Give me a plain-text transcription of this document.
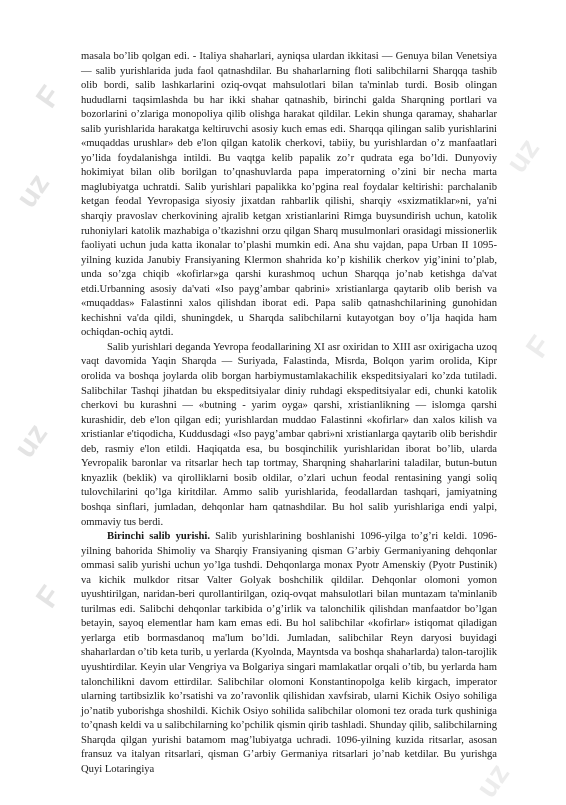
uz
F
uz
F
uz
F
uz

masala bo’lib qolgan edi. - Italiya shaharlari, ayniqsa ulardan ikkitasi — Genuya bilan Venetsiya — salib yurishlarida juda faol qatnashdilar. Bu shaharlarning floti salibchilarni Sharqqa tashib olib bordi, salib lashkarlarini oziq-ovqat mahsulotlari bilan ta'minlab turdi. Bosib olingan hududlarni taqsimlashda bu har ikki shahar qatnashib, birinchi galda Sharqning portlari va bozorlarini o’zlariga monopoliya qilib olishga harakat qildilar. Lekin shunga qaramay, shaharlar salib yurishlarida harakatga keltiruvchi asosiy kuch emas edi. Sharqqa qilingan salib yurishlarini «muqaddas urushlar» deb e'lon qilgan katolik cherkovi, tabiiy, bu yurishlardan o’z manfaatlari yo’lida foydalanishga intildi. Bu vaqtga kelib papalik zo’r qudratа ega bo’ldi. Dunyoviy hokimiyat bilan olib borilgan to’qnashuvlarda papa imperatorning o’zini bir necha marta maglubiyatga uchratdi. Salib yurishlari papalikka ko’pgina real foydalar keltirishi: parchalanib ketgan feodal Yevropasiga siyosiy jixatdan rahbarlik qilishi, sharqiy «sxizmatiklar»ni, ya'ni sharqiy pravoslav cherkovining ajralib ketgan xristianlarini Rimga buysundirish uchun, katolik ruhoniylari katolik mazhabiga o’tkazishni orzu qilgan Sharq musulmonlari orasidagi missionerlik faoliyati uchun juda katta ikonalar to’plashi mumkin edi. Ana shu vajdan, papa Urban II 1095-yilning kuzida Janubiy Fransiyaning Klermon shahrida ko’p kishilik cherkov yig’inini to’plab, unda so’zga chiqib «kofirlar»ga qarshi kurashmoq uchun Sharqqa jo’nab ketishga da'vat etdi.Urbanning asosiy da'vati «Iso payg’ambar qabrini» xristianlarga qaytarib olib berish va «muqaddas» Falastinni xalos qilishdan iborat edi. Papa salib qatnashchilarining gunohidan kechishni va'da qildi, shuningdek, u Sharqda salibchilarni kutayotgan boy o’lja haqida ham ochiqdan-ochiq aytdi.

Salib yurishlari deganda Yevropa feodallarining XI asr oxiridan to XIII asr oxirigacha uzoq vaqt davomida Yaqin Sharqda — Suriyada, Falastinda, Misrda, Bolqon yarim orolida, Kipr orolida va boshqa joylarda olib borgan harbiymustamlakachilik ekspeditsiyalari ko’zda tutiladi. Salibchilar Tashqi jihatdan bu ekspeditsiyalar diniy ruhdagi ekspeditsiyalar edi, chunki katolik cherkovi bu kurashni — «butning - yarim oyga» qarshi, xristianlikning — islomga qarshi kurashidir, deb e'lon qilgan edi; yurishlardan muddao Falastinni «kofirlar» dan xalos kilish va xristianlar e'tiqodicha, Kuddusdagi «Iso payg’ambar qabri»ni xristianlarga qaytarib olib berishdir deb, rasmiy e'lon etildi. Haqiqatda esa, bu bosqinchilik yurishlaridan iborat bo’lib, ularda Yevropalik baronlar va ritsarlar hech tap tortmay, Sharqning shaharlarini taladilar, butun-butun knyazlik (beklik) va qirolliklarni bosib oldilar, o’zlari uchun feodal rentasining yangi soliq tulovchilarini qo’lga kiritdilar. Ammo salib yurishlarida, feodallardan tashqari, jamiyatning boshqa sinflari, jumladan, dehqonlar ham qatnashdilar. Bu hol salib yurishlariga endi yalpi, ommaviy tus berdi.

Birinchi salib yurishi. Salib yurishlarining boshlanishi 1096-yilga to’g’ri keldi. 1096-yilning bahorida Shimoliy va Sharqiy Fransiyaning qisman G’arbiy Germaniyaning dehqonlar ommasi salib yurishi uchun yo’lga tushdi. Dehqonlarga monax Pyotr Amenskiy (Pyotr Pustinik) va kichik mulkdor ritsar Valter Golyak boshchilik qildilar. Dehqonlar olomoni yomon uyushtirilgan, naridan-beri qurollantirilgan, oziq-ovqat mahsulotlari bilan muntazam ta'minlanib turilmas edi. Salibchi dehqonlar tarkibida o’g’irlik va talonchilik qilishdan manfaatdor bo’lgan betayin, sayoq elementlar ham kam emas edi. Bu hol salibchilar «kofirlar» istiqomat qiladigan yerlarga etib bormasdanoq ma'lum bo’ldi. Jumladan, salibchilar Reyn daryosi buyidagi shaharlardan o’tib keta turib, u yerlarda (Kyolnda, Mayntsda va boshqa shaharlarda) talon-tarojlik uyushtirdilar. Keyin ular Vengriya va Bolgariya singari mamlakatlar orqali o’tib, bu yerlarda ham talonchilikni davom ettirdilar. Salibchilar olomoni Konstantinopolga kelib kirgach, imperator ularning tartibsizlik ko’rsatishi va zo’ravonlik qilishidan xavfsirab, ularni Kichik Osiyo sohiliga jo’natib yuborishga shoshildi. Kichik Osiyo sohilida salibchilar olomoni tez orada turk qushiniga to’qnash keldi va u salibchilarning ko’pchilik qismin qirib tashladi. Shunday qilib, salibchilarning Sharqda qilgan yurishi batamom mag’lubiyatga uchradi. 1096-yilning kuzida ritsarlar, asosan fransuz va italyan ritsarlari, qisman G’arbiy Germaniya ritsarlari jo’nab ketdilar. Bu yurishga Quyi Lotaringiya
